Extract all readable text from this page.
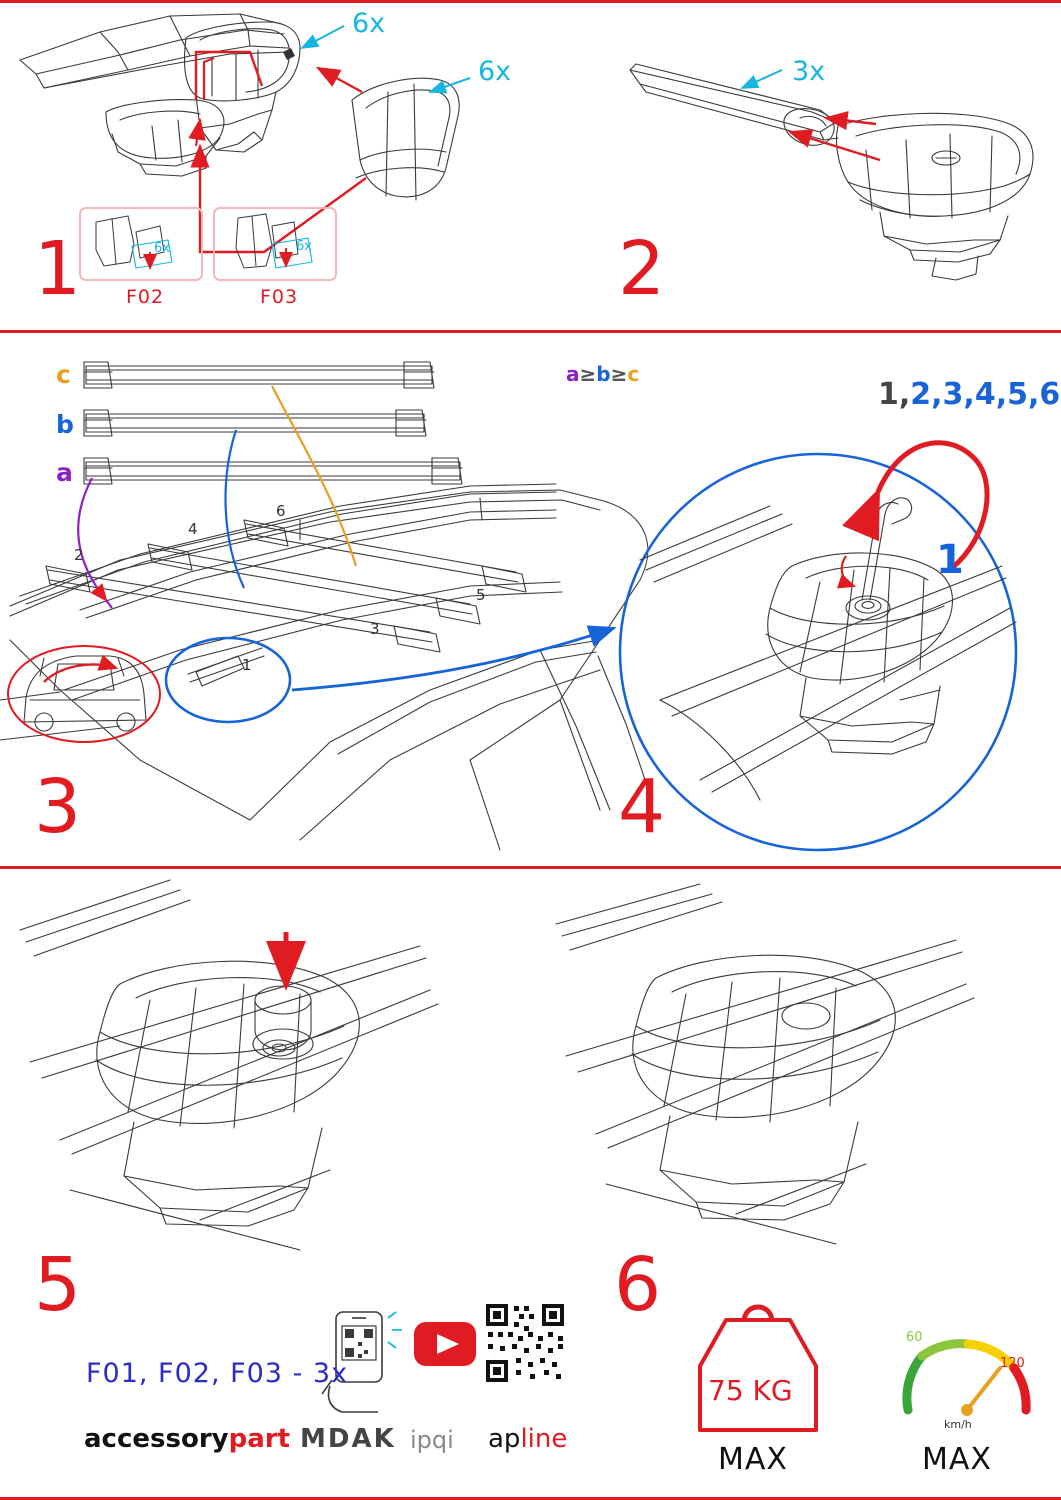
6x
6x	3x
F02	F03
6x	6x
1	2
3	4
5	6
c
b
a
a≥b≥c
2
4
6
1
3
5
1,2,3,4,5,6
1
F01, F02, F03 - 3x
accessorypart MDAK ipqi apline
75 KG
MAX	MAX
60
120
km/h
